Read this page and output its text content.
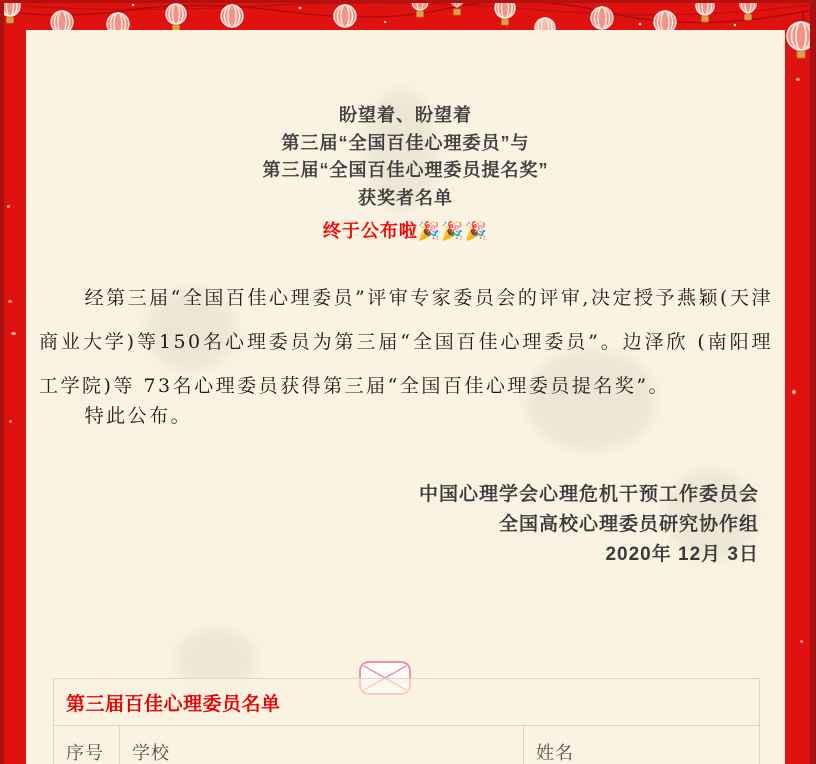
盼望着、盼望着
第三届“全国百佳心理委员”与
第三届“全国百佳心理委员提名奖”
获奖者名单
终于公布啦🎉🎉🎉

经第三届“全国百佳心理委员”评审专家委员会的评审,决定授予燕颖(天津商业大学)等150名心理委员为第三届“全国百佳心理委员”。边泽欣 (南阳理工学院)等 73名心理委员获得第三届“全国百佳心理委员提名奖”。

特此公布。

中国心理学会心理危机干预工作委员会
全国高校心理委员研究协作组
2020年 12月 3日
第三届百佳心理委员名单
序号	学校	姓名
